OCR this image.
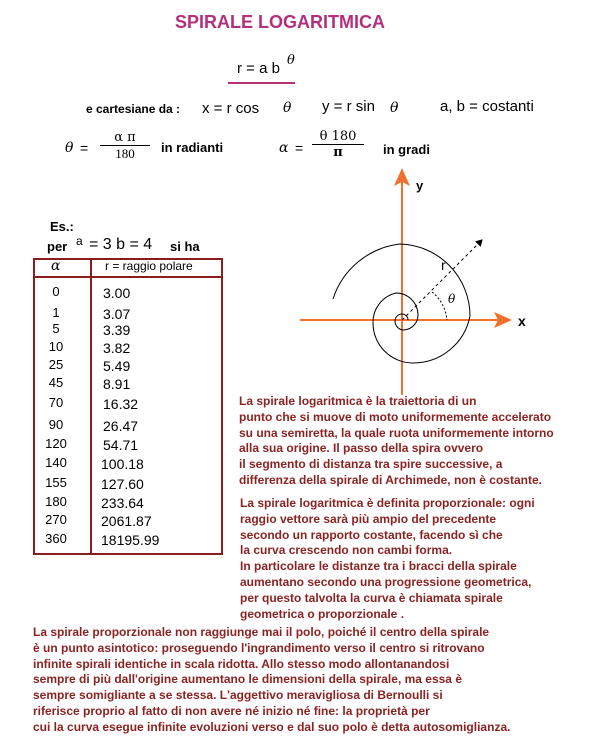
SPIRALE LOGARITMICA
r = a b θ
e cartesiane da : x = r cos θ y = r sin θ	a, b = costanti
$\theta = \frac{\text{α π}}{180}$ in radianti	$\alpha = \frac{\theta 180}{\pi}$ in gradi
Es.:
per a = 3 b = 4 si ha
α	r = raggio polare
0	3.00
1	3.07
5	3.39
10	3.82
25	5.49
45	8.91
70	16.32
90	26.47
120	54.71
140 100.18
155 127.60
180 233.64
270 2061.87
360 18195.99
y
x
r
θ
La spirale logaritmica è la traiettoria di un
punto che si muove di moto uniformemente accelerato
su una semiretta, la quale ruota uniformemente intorno
alla sua origine. Il passo della spira ovvero
il segmento di distanza tra spire successive, a
differenza della spirale di Archimede, non è costante.
La spirale logaritmica è definita proporzionale: ogni
raggio vettore sarà più ampio del precedente
secondo un rapporto costante, facendo sì che
la curva crescendo non cambi forma.
In particolare le distanze tra i bracci della spirale
aumentano secondo una progressione geometrica,
per questo talvolta la curva è chiamata spirale
geometrica o proporzionale .
La spirale proporzionale non raggiunge mai il polo, poiché il centro della spirale
è un punto asintotico: proseguendo l'ingrandimento verso il centro si ritrovano
infinite spirali identiche in scala ridotta. Allo stesso modo allontanandosi
sempre di più dall'origine aumentano le dimensioni della spirale, ma essa è
sempre somigliante a se stessa. L'aggettivo meravigliosa di Bernoulli si
riferisce proprio al fatto di non avere né inizio né fine: la proprietà per
cui la curva esegue infinite evoluzioni verso e dal suo polo è detta autosomiglianza.
